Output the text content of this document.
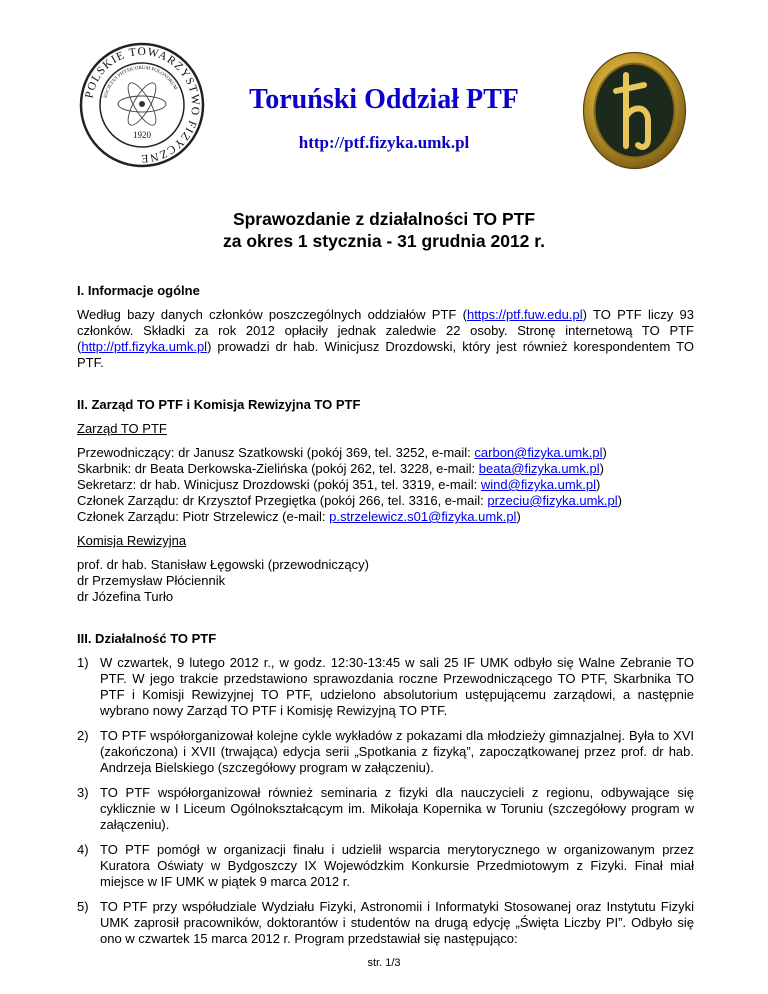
POLSKIE TOWARZYSTWO FIZYCZNE
SOCIETAS PHYSICORUM POLONORUM
1920
Toruński Oddział PTF
http://ptf.fizyka.umk.pl
Sprawozdanie z działalności TO PTF
za okres 1 stycznia - 31 grudnia 2012 r.
I. Informacje ogólne

Według bazy danych członków poszczególnych oddziałów PTF (https://ptf.fuw.edu.pl) TO PTF liczy 93 członków. Składki za rok 2012 opłaciły jednak zaledwie 22 osoby. Stronę internetową TO PTF (http://ptf.fizyka.umk.pl) prowadzi dr hab. Winicjusz Drozdowski, który jest również korespondentem TO PTF.

II. Zarząd TO PTF i Komisja Rewizyjna TO PTF
Zarząd TO PTF
Przewodniczący: dr Janusz Szatkowski (pokój 369, tel. 3252, e-mail: carbon@fizyka.umk.pl)
Skarbnik: dr Beata Derkowska-Zielińska (pokój 262, tel. 3228, e-mail: beata@fizyka.umk.pl)
Sekretarz: dr hab. Winicjusz Drozdowski (pokój 351, tel. 3319, e-mail: wind@fizyka.umk.pl)
Członek Zarządu: dr Krzysztof Przegiętka (pokój 266, tel. 3316, e-mail: przeciu@fizyka.umk.pl)
Członek Zarządu: Piotr Strzelewicz (e-mail: p.strzelewicz.s01@fizyka.umk.pl)
Komisja Rewizyjna
prof. dr hab. Stanisław Łęgowski (przewodniczący)
dr Przemysław Płóciennik
dr Józefina Turło
III. Działalność TO PTF
1) W czwartek, 9 lutego 2012 r., w godz. 12:30-13:45 w sali 25 IF UMK odbyło się Walne Zebranie TO PTF. W jego trakcie przedstawiono sprawozdania roczne Przewodniczącego TO PTF, Skarbnika TO PTF i Komisji Rewizyjnej TO PTF, udzielono absolutorium ustępującemu zarządowi, a następnie wybrano nowy Zarząd TO PTF i Komisję Rewizyjną TO PTF.
2) TO PTF współorganizował kolejne cykle wykładów z pokazami dla młodzieży gimnazjalnej. Była to XVI (zakończona) i XVII (trwająca) edycja serii „Spotkania z fizyką”, zapoczątkowanej przez prof. dr hab. Andrzeja Bielskiego (szczegółowy program w załączeniu).
3) TO PTF współorganizował również seminaria z fizyki dla nauczycieli z regionu, odbywające się cyklicznie w I Liceum Ogólnokształcącym im. Mikołaja Kopernika w Toruniu (szczegółowy program w załączeniu).
4) TO PTF pomógł w organizacji finału i udzielił wsparcia merytorycznego w organizowanym przez Kuratora Oświaty w Bydgoszczy IX Wojewódzkim Konkursie Przedmiotowym z Fizyki. Finał miał miejsce w IF UMK w piątek 9 marca 2012 r.
5) TO PTF przy współudziale Wydziału Fizyki, Astronomii i Informatyki Stosowanej oraz Instytutu Fizyki UMK zaprosił pracowników, doktorantów i studentów na drugą edycję „Święta Liczby PI”. Odbyło się ono w czwartek 15 marca 2012 r. Program przedstawiał się następująco:
str. 1/3
